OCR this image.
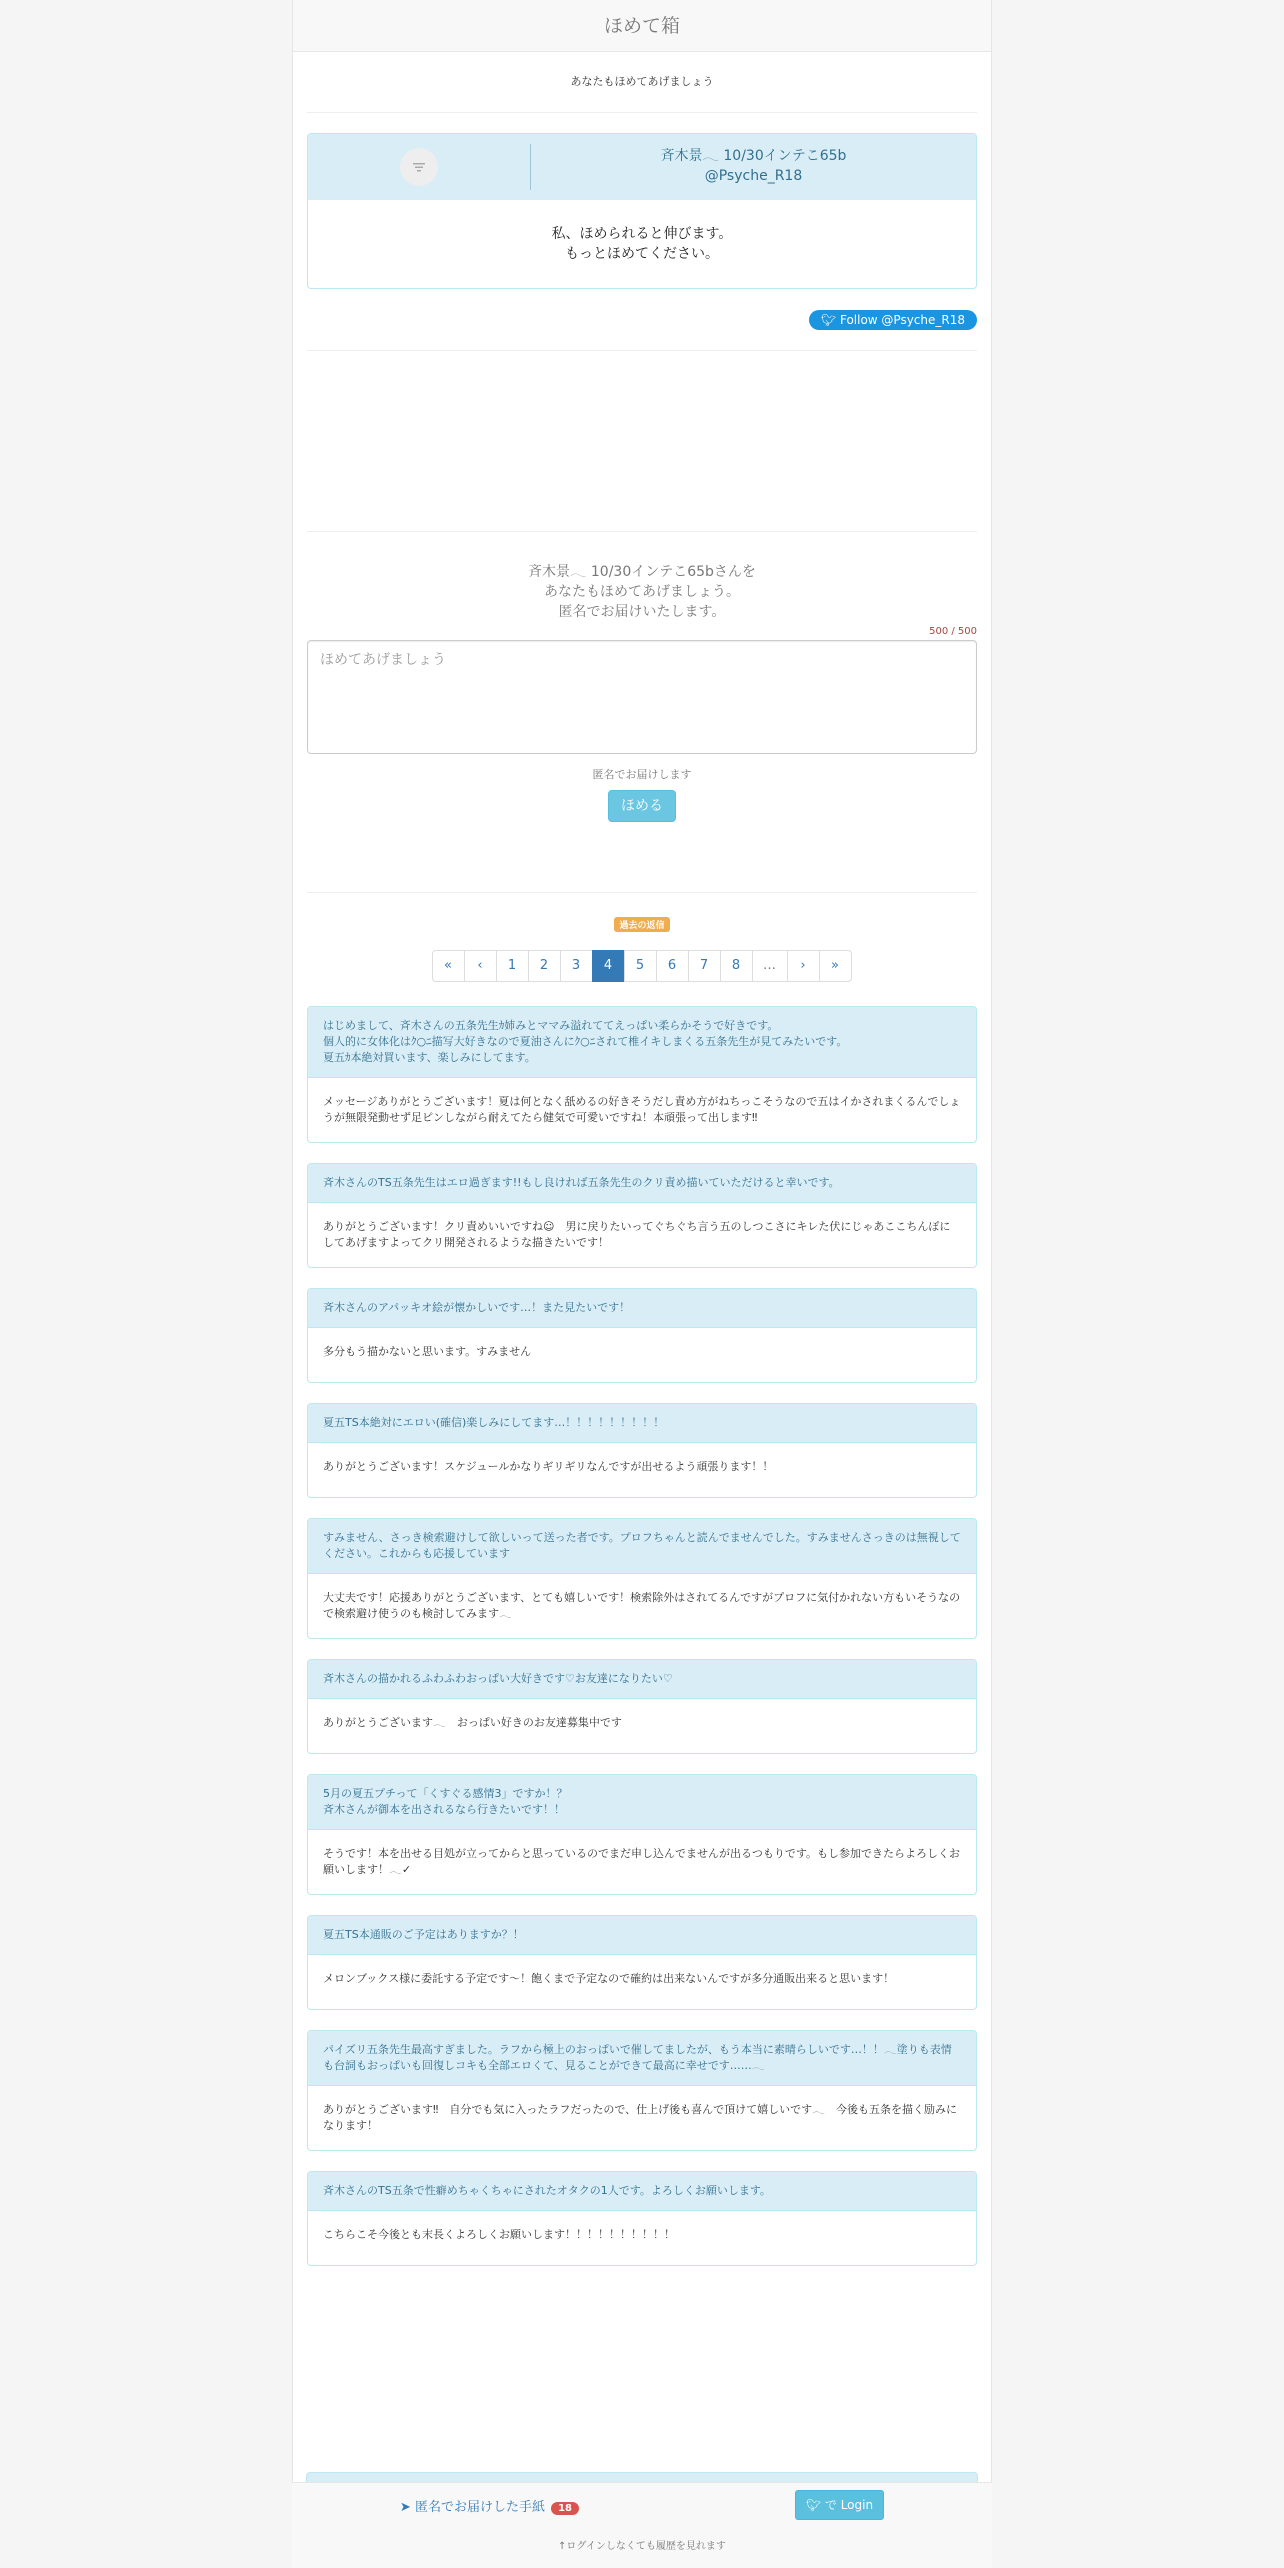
ほめて箱
あなたもほめてあげましょう
斉木景𓂃 10/30インテこ65b
@Psyche_R18
私、ほめられると伸びます。
もっとほめてください。
🐦︎ Follow @Psyche_R18
斉木景𓂃 10/30インテこ65bさんを
あなたもほめてあげましょう。
匿名でお届けいたします。
500 / 500
ほめてあげましょう
匿名でお届けします
ほめる
過去の返信
«	‹	1	2	3	4	5	6	7	8	…	›	»
はじめまして、斉木さんの五条先生ｶ姉みとママみ溢れててえっぱい柔らかそうで好きです。
個人的に女体化はｸ○ﾆ描写大好きなので夏油さんにｸ○ﾆされて椎イキしまくる五条先生が見てみたいです。
夏五ｶ本絶対買います、楽しみにしてます。
メッセージありがとうございます！夏は何となく舐めるの好きそうだし責め方がねちっこそうなので五はイかされまくるんでしょうが無限発動せず足ピンしながら耐えてたら健気で可愛いですね！本頑張って出します‼︎
斉木さんのTS五条先生はエロ過ぎます!!もし良ければ五条先生のクリ責め描いていただけると幸いです。
ありがとうございます！クリ責めいいですね☺︎　男に戻りたいってぐちぐち言う五のしつこさにキレた伏にじゃあここちんぽにしてあげますよってクリ開発されるような描きたいです！
斉木さんのアパッキオ絵が懐かしいです…！また見たいです！
多分もう描かないと思います。すみません
夏五TS本絶対にエロい(確信)楽しみにしてます…！！！！！！！！！
ありがとうございます！スケジュールかなりギリギリなんですが出せるよう頑張ります！！
すみません、さっき検索避けして欲しいって送った者です。プロフちゃんと読んでませんでした。すみませんさっきのは無視してください。これからも応援しています
大丈夫です！応援ありがとうございます、とても嬉しいです！検索除外はされてるんですがプロフに気付かれない方もいそうなので検索避け使うのも検討してみます𓂃
斉木さんの描かれるふわふわおっぱい大好きです♡お友達になりたい♡
ありがとうございます𓂃　おっぱい好きのお友達募集中です
5月の夏五プチって「くすぐる感情3」ですか！？
斉木さんが御本を出されるなら行きたいです！！
そうです！本を出せる目処が立ってからと思っているのでまだ申し込んでませんが出るつもりです。もし参加できたらよろしくお願いします！𓂃✓
夏五TS本通販のご予定はありますか？！
メロンブックス様に委託する予定です〜！飽くまで予定なので確約は出来ないんですが多分通販出来ると思います！
パイズリ五条先生最高すぎました。ラフから極上のおっぱいで催してましたが、もう本当に素晴らしいです…！！𓂃塗りも表情も台詞もおっぱいも回復しコキも全部エロくて、見ることができて最高に幸せです……𓂃
ありがとうございます‼︎　自分でも気に入ったラフだったので、仕上げ後も喜んで頂けて嬉しいです𓂃　今後も五条を描く励みになります！
斉木さんのTS五条で性癖めちゃくちゃにされたオタクの1人です。よろしくお願いします。
こちらこそ今後とも末長くよろしくお願いします！！！！！！！！！！
➤ 匿名でお届けした手紙 18	🐦︎ で Login
↑ログインしなくても履歴を見れます
